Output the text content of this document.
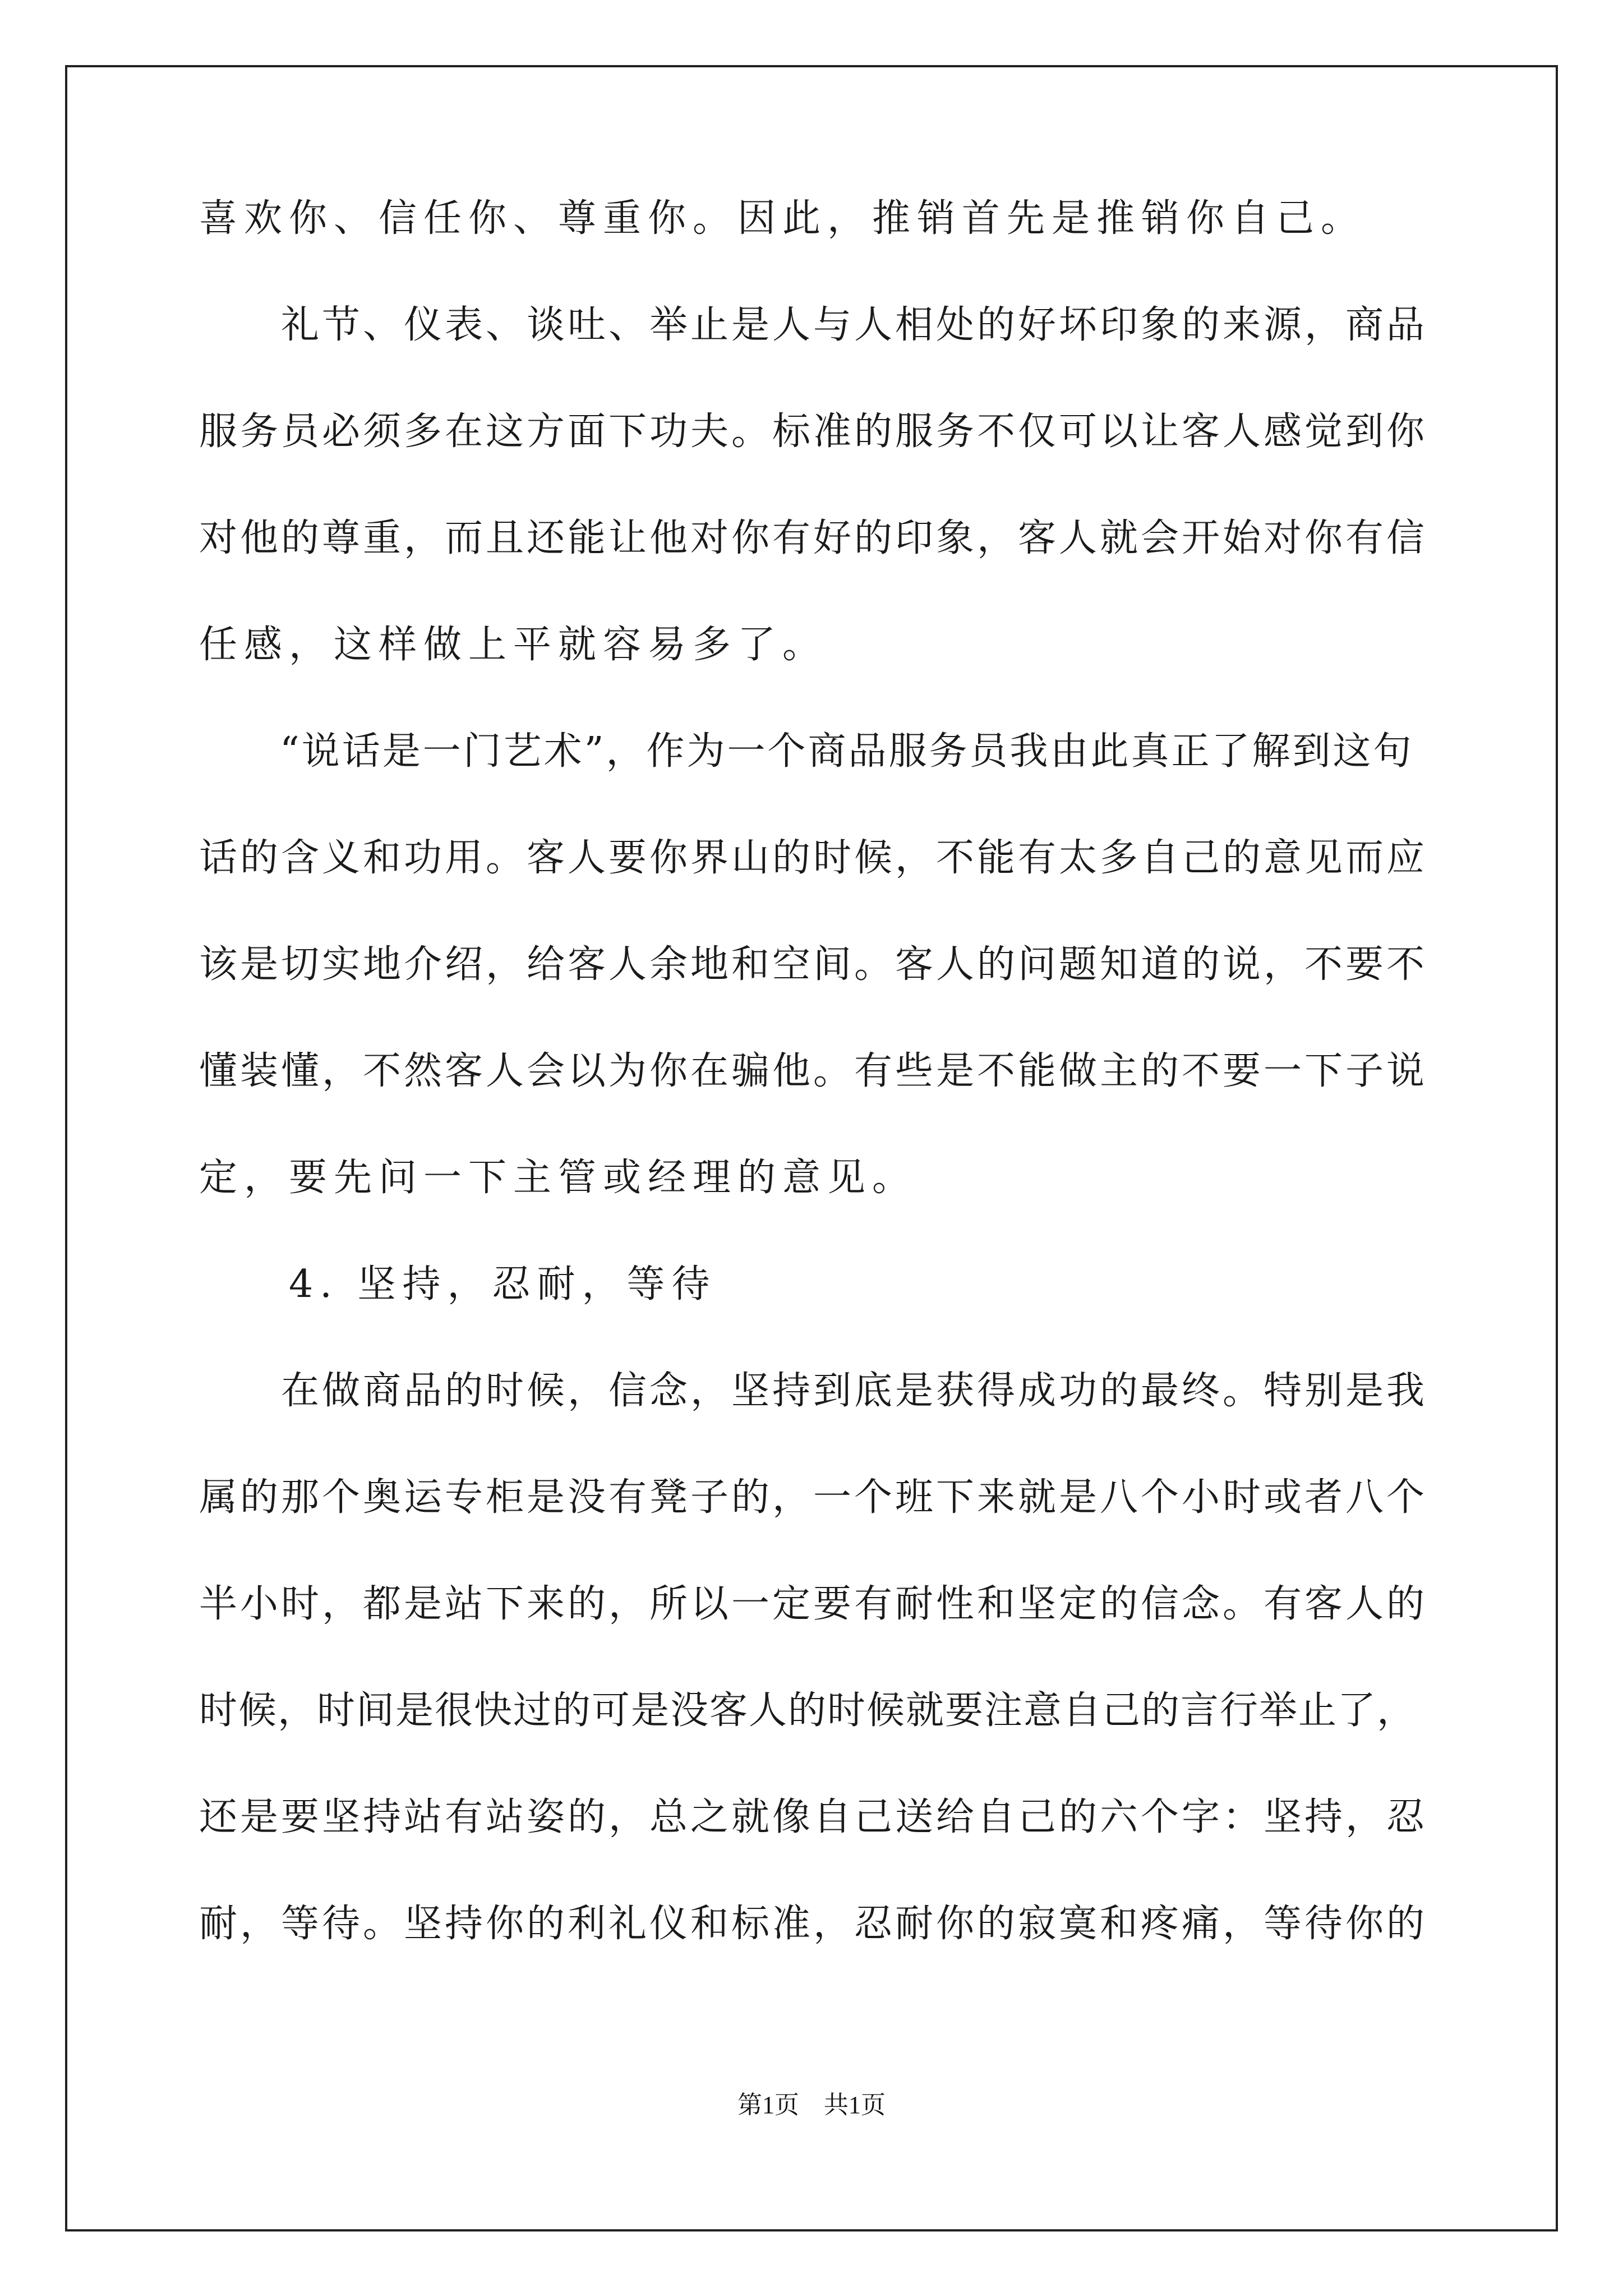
喜欢你、信任你、尊重你。因此，推销首先是推销你自己。
　　礼节、仪表、谈吐、举止是人与人相处的好坏印象的来源，商品
服务员必须多在这方面下功夫。标准的服务不仅可以让客人感觉到你
对他的尊重，而且还能让他对你有好的印象，客人就会开始对你有信
任感，这样做上平就容易多了。
　　“说话是一门艺术”，作为一个商品服务员我由此真正了解到这句
话的含义和功用。客人要你界山的时候，不能有太多自己的意见而应
该是切实地介绍，给客人余地和空间。客人的问题知道的说，不要不
懂装懂，不然客人会以为你在骗他。有些是不能做主的不要一下子说
定，要先问一下主管或经理的意见。
　　4. 坚持，忍耐，等待
　　在做商品的时候，信念，坚持到底是获得成功的最终。特别是我
属的那个奥运专柜是没有凳子的，一个班下来就是八个小时或者八个
半小时，都是站下来的，所以一定要有耐性和坚定的信念。有客人的
时候，时间是很快过的可是没客人的时候就要注意自己的言行举止了，
还是要坚持站有站姿的，总之就像自己送给自己的六个字：坚持，忍
耐，等待。坚持你的利礼仪和标准，忍耐你的寂寞和疼痛，等待你的
第1页　共1页
